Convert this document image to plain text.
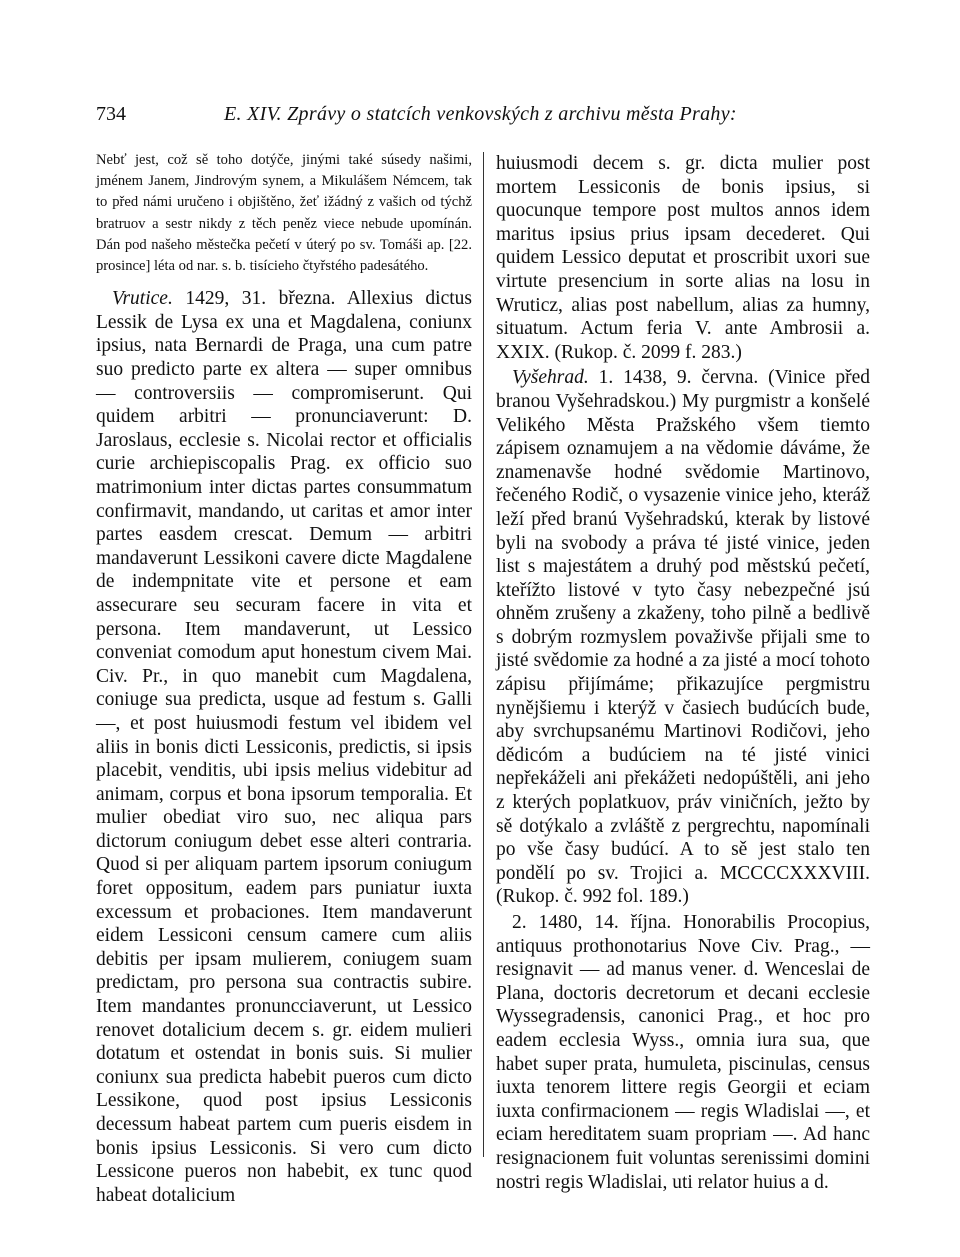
734	E. XIV. Zprávy o statcích venkovských z archivu města Prahy:

Nebť jest, což sě toho dotýče, jinými také súsedy našimi, jménem Janem, Jindrovým synem, a Mikulášem Némcem, tak to před námi uručeno i objištěno, žeť ižádný z vašich od týchž bratruov a sestr nikdy z těch peněz viece nebude upomínán. Dán pod našeho městečka pečetí v úterý po sv. Tomáši ap. [22. prosince] léta od nar. s. b. tisícieho čtyřstého padesátého.

Vrutice. 1429, 31. března. Allexius dictus Lessik de Lysa ex una et Magdalena, coniunx ipsius, nata Bernardi de Praga, una cum patre suo predicto parte ex altera — super omnibus — controversiis — compromiserunt. Qui quidem arbitri — pronunciaverunt: D. Jaroslaus, ecclesie s. Nicolai rector et officialis curie archiepiscopalis Prag. ex officio suo matrimonium inter dictas partes consummatum confirmavit, mandando, ut caritas et amor inter partes easdem crescat. Demum — arbitri mandaverunt Lessikoni cavere dicte Magdalene de indempnitate vite et persone et eam assecurare seu securam facere in vita et persona. Item mandaverunt, ut Lessico conveniat comodum aput honestum civem Mai. Civ. Pr., in quo manebit cum Magdalena, coniuge sua predicta, usque ad festum s. Galli —, et post huiusmodi festum vel ibidem vel aliis in bonis dicti Lessiconis, predictis, si ipsis placebit, venditis, ubi ipsis melius videbitur ad animam, corpus et bona ipsorum temporalia. Et mulier obediat viro suo, nec aliqua pars dictorum coniugum debet esse alteri contraria. Quod si per aliquam partem ipsorum coniugum foret oppositum, eadem pars puniatur iuxta excessum et probaciones. Item mandaverunt eidem Lessiconi censum camere cum aliis debitis per ipsam mulierem, coniugem suam predictam, pro persona sua contractis subire. Item mandantes pronuncciaverunt, ut Lessico renovet dotalicium decem s. gr. eidem mulieri dotatum et ostendat in bonis suis. Si mulier coniunx sua predicta habebit pueros cum dicto Lessikone, quod post ipsius Lessiconis decessum habeat partem cum pueris eisdem in bonis ipsius Lessiconis. Si vero cum dicto Lessicone pueros non habebit, ex tunc quod habeat dotalicium

huiusmodi decem s. gr. dicta mulier post mortem Lessiconis de bonis ipsius, si quocunque tempore post multos annos idem maritus ipsius prius ipsam decederet. Qui quidem Lessico deputat et proscribit uxori sue virtute presencium in sorte alias na losu in Wruticz, alias post nabellum, alias za humny, situatum. Actum feria V. ante Ambrosii a. XXIX. (Rukop. č. 2099 f. 283.)

Vyšehrad. 1. 1438, 9. června. (Vinice před branou Vyšehradskou.) My purgmistr a konšelé Velikého Města Pražského všem tiemto zápisem oznamujem a na vědomie dáváme, že znamenavše hodné svědomie Martinovo, řečeného Rodič, o vysazenie vinice jeho, kteráž leží před branú Vyšehradskú, kterak by listové byli na svobody a práva té jisté vinice, jeden list s majestátem a druhý pod městskú pečetí, kteřížto listové v tyto časy nebezpečné jsú ohněm zrušeny a zkaženy, toho pilně a bedlivě s dobrým rozmyslem považivše přijali sme to jisté svědomie za hodné a za jisté a mocí tohoto zápisu přijímáme; přikazujíce pergmistru nynějšiemu i kterýž v časiech budúcích bude, aby svrchupsanému Martinovi Rodičovi, jeho dědicóm a budúciem na té jisté vinici nepřekáželi ani překážeti nedopúštěli, ani jeho z kterých poplatkuov, práv viničních, ježto by sě dotýkalo a zvláště z pergrechtu, napomínali po vše časy budúcí. A to sě jest stalo ten pondělí po sv. Trojici a. MCCCCXXXVIII. (Rukop. č. 992 fol. 189.)

2. 1480, 14. října. Honorabilis Procopius, antiquus prothonotarius Nove Civ. Prag., — resignavit — ad manus vener. d. Wenceslai de Plana, doctoris decretorum et decani ecclesie Wyssegradensis, canonici Prag., et hoc pro eadem ecclesia Wyss., omnia iura sua, que habet super prata, humuleta, piscinulas, census iuxta tenorem littere regis Georgii et eciam iuxta confirmacionem — regis Wladislai —, et eciam hereditatem suam propriam —. Ad hanc resignacionem fuit voluntas serenissimi domini nostri regis Wladislai, uti relator huius a d.
